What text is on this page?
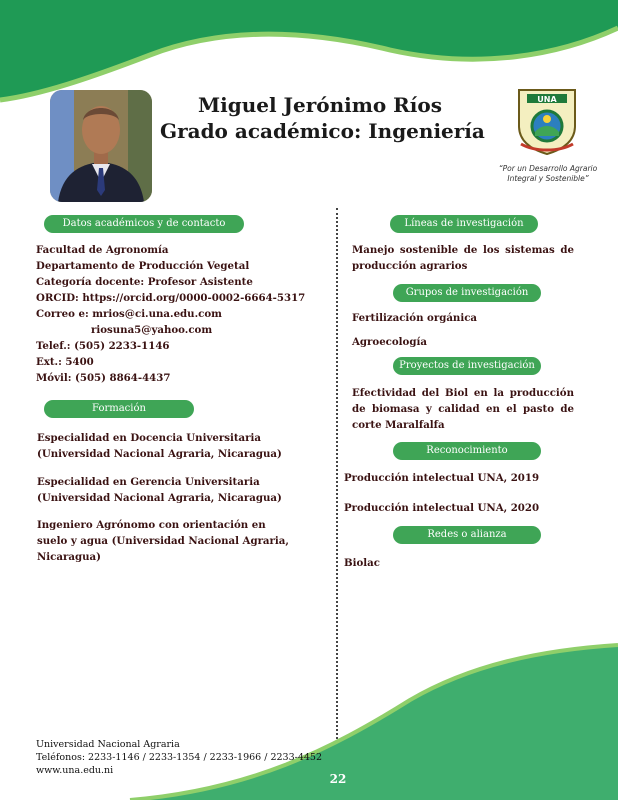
Miguel Jerónimo Ríos
Grado académico: Ingeniería
UNA
“Por un Desarrollo Agrario
Integral y Sostenible”
Datos académicos y de contacto
Facultad de Agronomía
Departamento de Producción Vegetal
Categoría docente: Profesor Asistente
ORCID: https://orcid.org/0000-0002-6664-5317
Correo e: mrios@ci.una.edu.com
riosuna5@yahoo.com
Telef.: (505) 2233-1146
Ext.: 5400
Móvil: (505) 8864-4437
Formación
Especialidad en Docencia Universitaria
(Universidad Nacional Agraria, Nicaragua)
Especialidad en Gerencia Universitaria
(Universidad Nacional Agraria, Nicaragua)
Ingeniero Agrónomo con orientación en
suelo y agua (Universidad Nacional Agraria,
Nicaragua)
Líneas de investigación
Manejo sostenible de los sistemas de producción agrarios
Grupos de investigación
Fertilización orgánica
Agroecología
Proyectos de investigación
Efectividad del Biol en la producción de biomasa y calidad en el pasto de corte Maralfalfa
Reconocimiento
Producción intelectual UNA, 2019
Producción intelectual UNA, 2020
Redes o alianza
Biolac
Universidad Nacional Agraria
Teléfonos: 2233-1146 / 2233-1354 / 2233-1966 / 2233-4452
www.una.edu.ni
22
